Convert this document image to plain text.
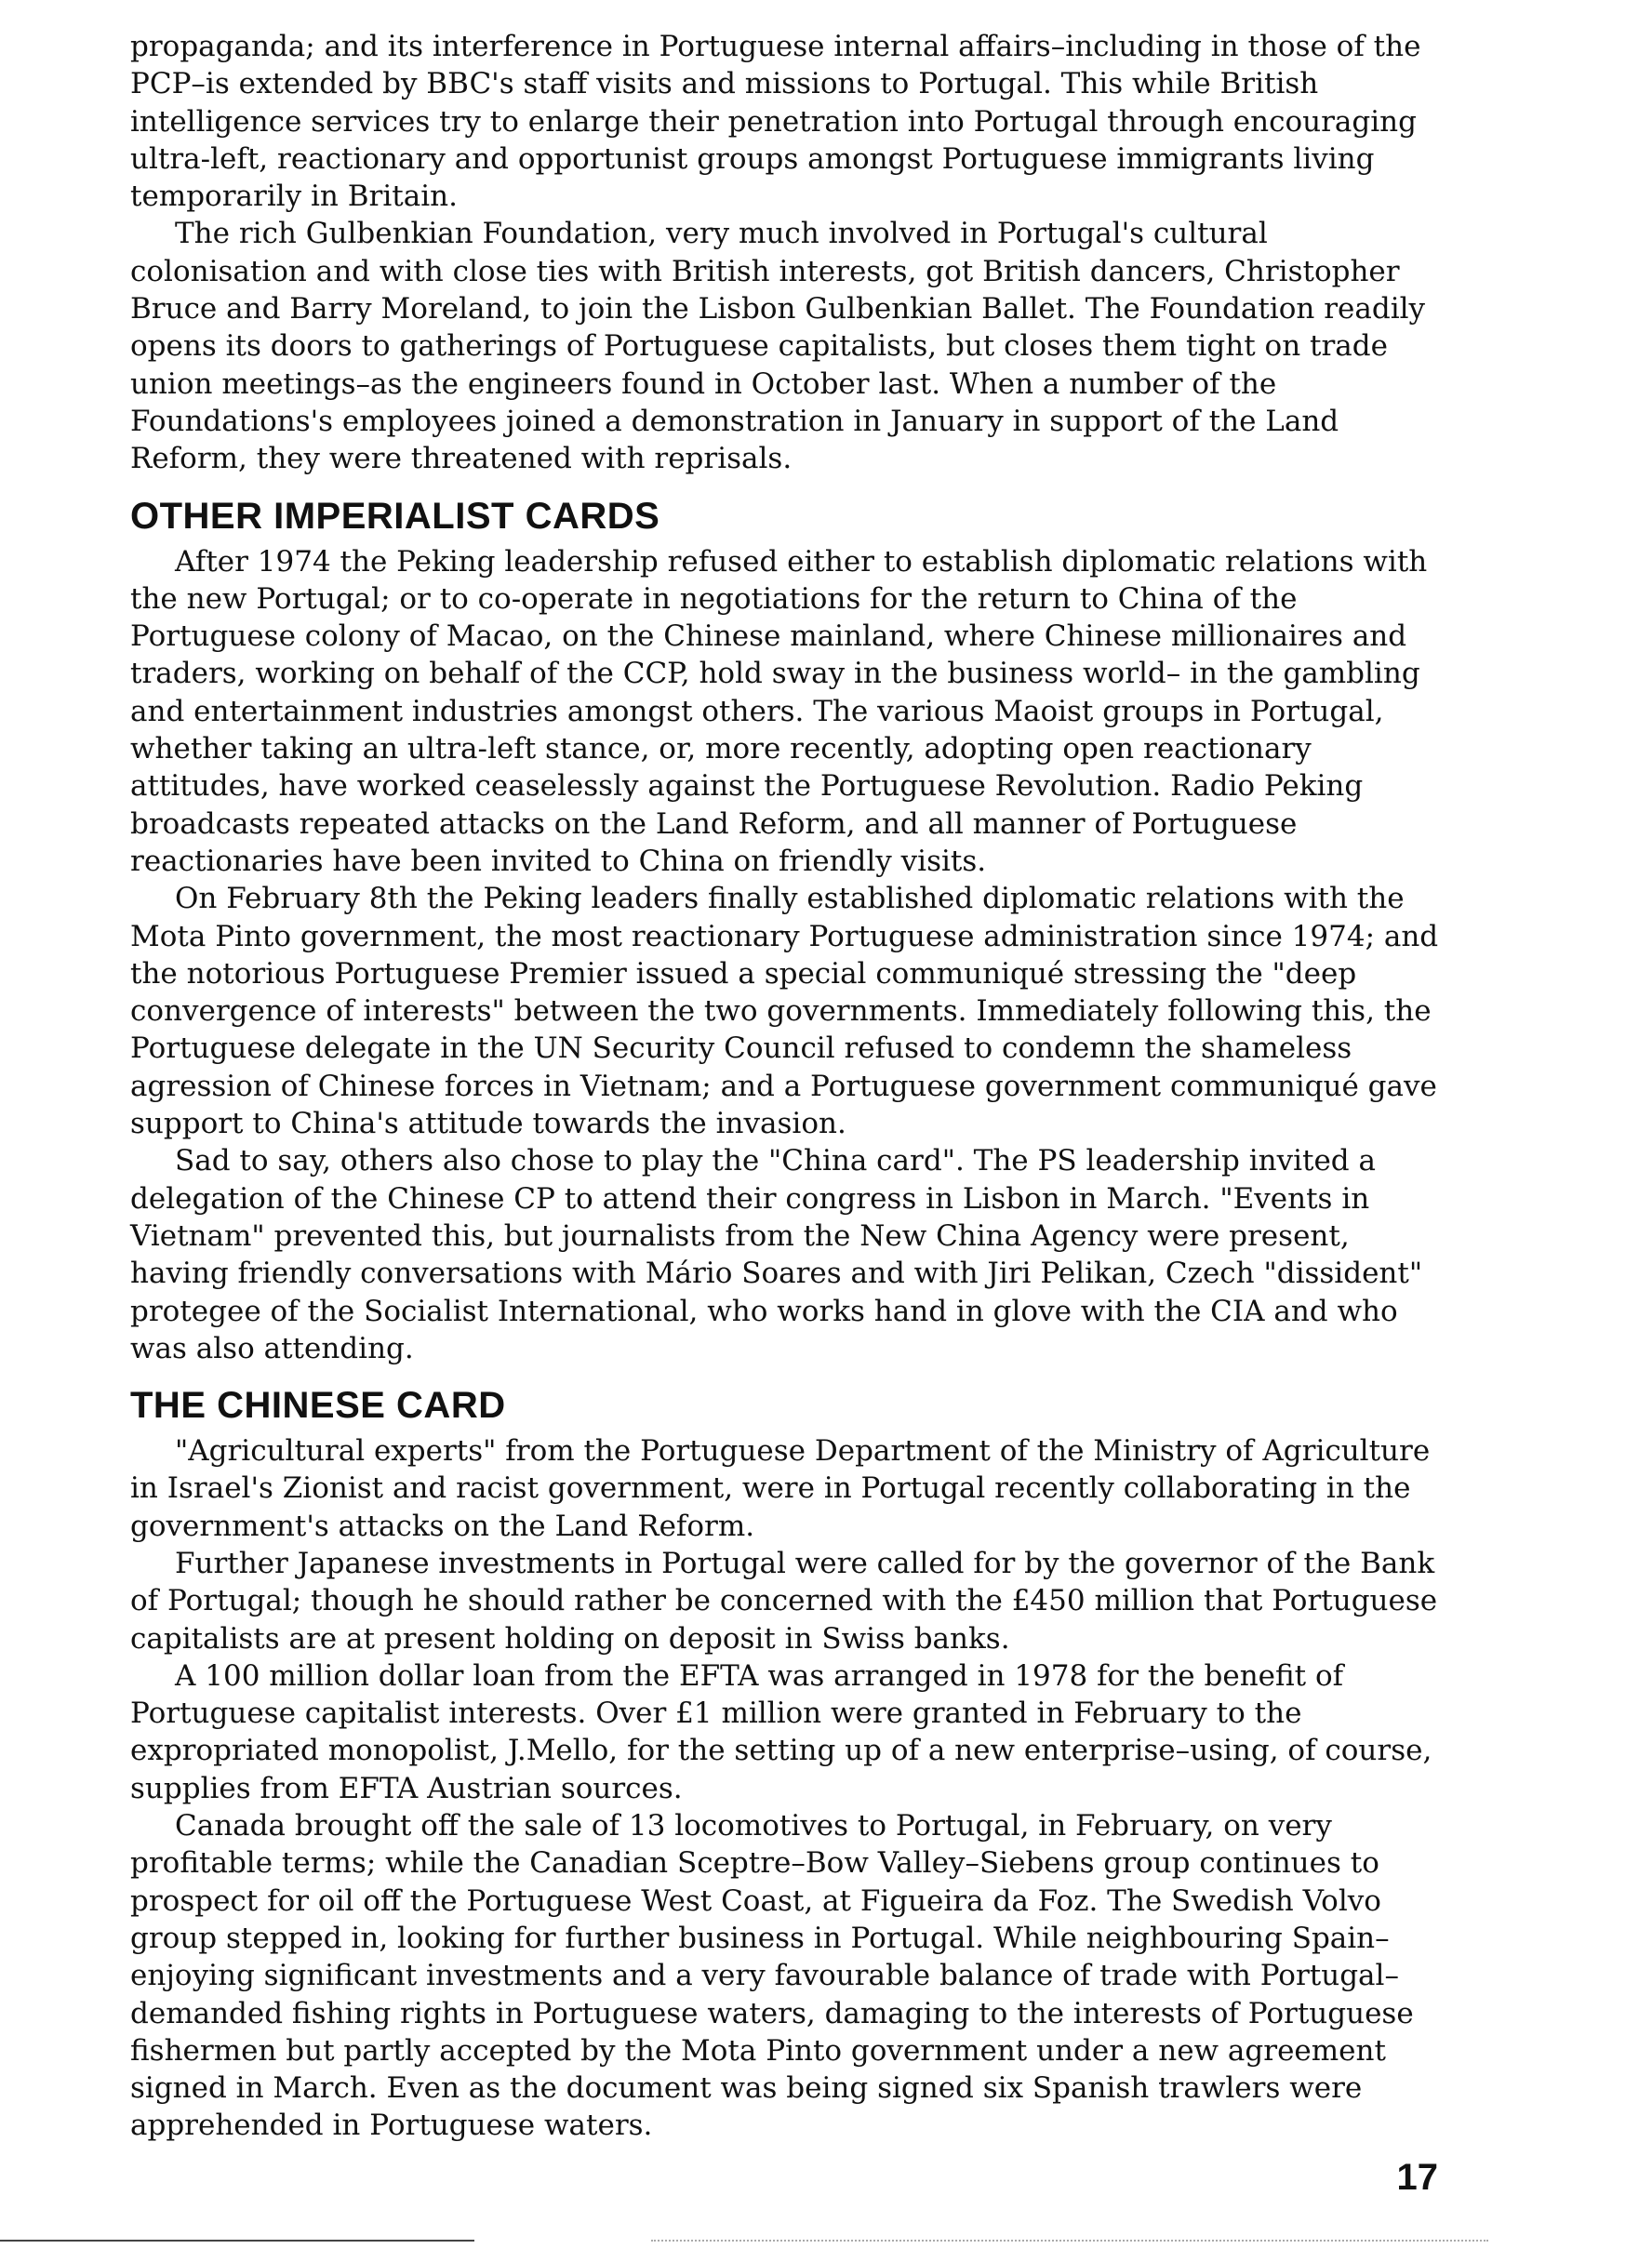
propaganda; and its interference in Portuguese internal affairs–including in those of the PCP–is extended by BBC's staff visits and missions to Portugal. This while British intelligence services try to enlarge their penetration into Portugal through encouraging ultra-left, reactionary and opportunist groups amongst Portuguese immigrants living temporarily in Britain.

The rich Gulbenkian Foundation, very much involved in Portugal's cultural colonisation and with close ties with British interests, got British dancers, Christopher Bruce and Barry Moreland, to join the Lisbon Gulbenkian Ballet. The Foundation readily opens its doors to gatherings of Portuguese capitalists, but closes them tight on trade union meetings–as the engineers found in October last. When a number of the Foundations's employees joined a demonstration in January in support of the Land Reform, they were threatened with reprisals.

OTHER IMPERIALIST CARDS

After 1974 the Peking leadership refused either to establish diplomatic relations with the new Portugal; or to co-operate in negotiations for the return to China of the Portuguese colony of Macao, on the Chinese mainland, where Chinese millionaires and traders, working on behalf of the CCP, hold sway in the business world– in the gambling and entertainment industries amongst others. The various Maoist groups in Portugal, whether taking an ultra-left stance, or, more recently, adopting open reactionary attitudes, have worked ceaselessly against the Portuguese Revolution. Radio Peking broadcasts repeated attacks on the Land Reform, and all manner of Portuguese reactionaries have been invited to China on friendly visits.

On February 8th the Peking leaders finally established diplomatic relations with the Mota Pinto government, the most reactionary Portuguese administration since 1974; and the notorious Portuguese Premier issued a special communiqué stressing the "deep convergence of interests" between the two governments. Immediately following this, the Portuguese delegate in the UN Security Council refused to condemn the shameless agression of Chinese forces in Vietnam; and a Portuguese government communiqué gave support to China's attitude towards the invasion.

Sad to say, others also chose to play the "China card". The PS leadership invited a delegation of the Chinese CP to attend their congress in Lisbon in March. "Events in Vietnam" prevented this, but journalists from the New China Agency were present, having friendly conversations with Mário Soares and with Jiri Pelikan, Czech "dissident" protegee of the Socialist International, who works hand in glove with the CIA and who was also attending.

THE CHINESE CARD

"Agricultural experts" from the Portuguese Department of the Ministry of Agriculture in Israel's Zionist and racist government, were in Portugal recently collaborating in the government's attacks on the Land Reform.

Further Japanese investments in Portugal were called for by the governor of the Bank of Portugal; though he should rather be concerned with the £450 million that Portuguese capitalists are at present holding on deposit in Swiss banks.

A 100 million dollar loan from the EFTA was arranged in 1978 for the benefit of Portuguese capitalist interests. Over £1 million were granted in February to the expropriated monopolist, J.Mello, for the setting up of a new enterprise–using, of course, supplies from EFTA Austrian sources.

Canada brought off the sale of 13 locomotives to Portugal, in February, on very profitable terms; while the Canadian Sceptre–Bow Valley–Siebens group continues to prospect for oil off the Portuguese West Coast, at Figueira da Foz. The Swedish Volvo group stepped in, looking for further business in Portugal. While neighbouring Spain–enjoying significant investments and a very favourable balance of trade with Portugal–demanded fishing rights in Portuguese waters, damaging to the interests of Portuguese fishermen but partly accepted by the Mota Pinto government under a new agreement signed in March. Even as the document was being signed six Spanish trawlers were apprehended in Portuguese waters.

17
